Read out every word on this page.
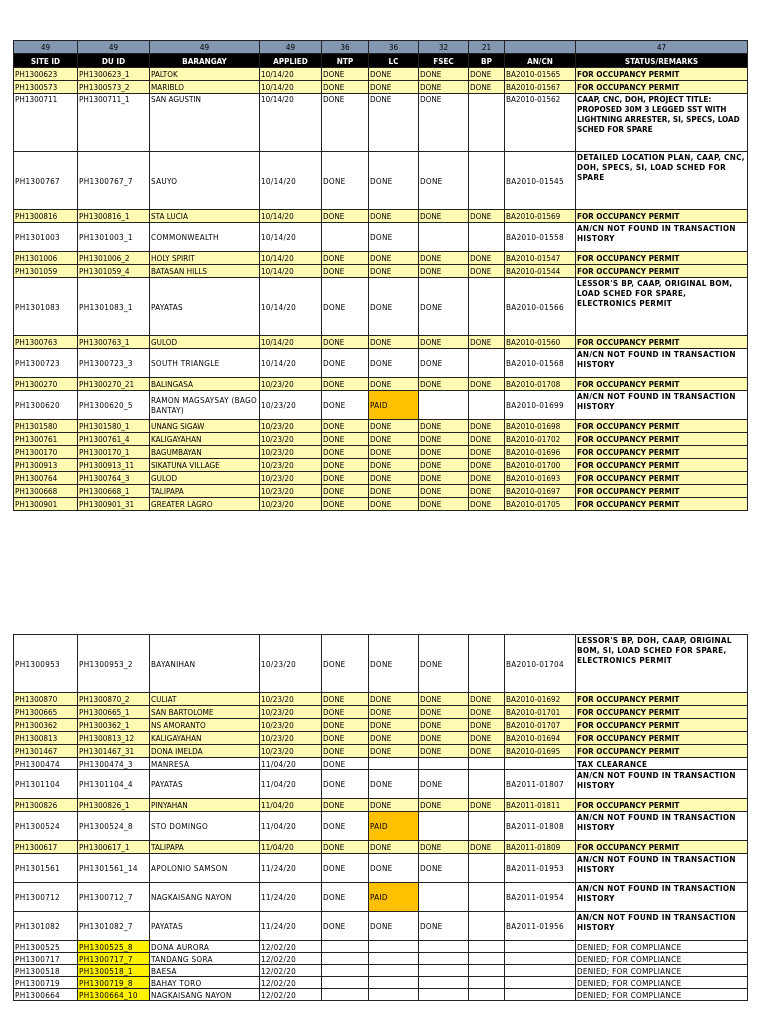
49	49	49	49	36	36	32	21		47
SITE ID	DU ID	BARANGAY	APPLIED	NTP	LC	FSEC	BP	AN/CN	STATUS/REMARKS
PH1300623	PH1300623_1	PALTOK	10/14/20	DONE	DONE	DONE	DONE	BA2010-01565	FOR OCCUPANCY PERMIT
PH1300573	PH1300573_2	MARIBLO	10/14/20	DONE	DONE	DONE	DONE	BA2010-01567	FOR OCCUPANCY PERMIT
PH1300711	PH1300711_1	SAN AGUSTIN	10/14/20	DONE	DONE	DONE		BA2010-01562	CAAP, CNC, DOH, PROJECT TITLE: PROPOSED 30M 3 LEGGED SST WITH LIGHTNING ARRESTER, SI, SPECS, LOAD SCHED FOR SPARE
PH1300767	PH1300767_7	SAUYO	10/14/20	DONE	DONE	DONE		BA2010-01545	DETAILED LOCATION PLAN, CAAP, CNC, DOH, SPECS, SI, LOAD SCHED FOR SPARE
PH1300816	PH1300816_1	STA LUCIA	10/14/20	DONE	DONE	DONE	DONE	BA2010-01569	FOR OCCUPANCY PERMIT
PH1301003	PH1301003_1	COMMONWEALTH	10/14/20		DONE			BA2010-01558	AN/CN NOT FOUND IN TRANSACTION HISTORY
PH1301006	PH1301006_2	HOLY SPIRIT	10/14/20	DONE	DONE	DONE	DONE	BA2010-01547	FOR OCCUPANCY PERMIT
PH1301059	PH1301059_4	BATASAN HILLS	10/14/20	DONE	DONE	DONE	DONE	BA2010-01544	FOR OCCUPANCY PERMIT
PH1301083	PH1301083_1	PAYATAS	10/14/20	DONE	DONE	DONE		BA2010-01566	LESSOR'S BP, CAAP, ORIGINAL BOM, LOAD SCHED FOR SPARE, ELECTRONICS PERMIT
PH1300763	PH1300763_1	GULOD	10/14/20	DONE	DONE	DONE	DONE	BA2010-01560	FOR OCCUPANCY PERMIT
PH1300723	PH1300723_3	SOUTH TRIANGLE	10/14/20	DONE	DONE	DONE		BA2010-01568	AN/CN NOT FOUND IN TRANSACTION HISTORY
PH1300270	PH1300270_21	BALINGASA	10/23/20	DONE	DONE	DONE	DONE	BA2010-01708	FOR OCCUPANCY PERMIT
PH1300620	PH1300620_5	RAMON MAGSAYSAY (BAGO BANTAY)	10/23/20	DONE	PAID			BA2010-01699	AN/CN NOT FOUND IN TRANSACTION HISTORY
PH1301580	PH1301580_1	UNANG SIGAW	10/23/20	DONE	DONE	DONE	DONE	BA2010-01698	FOR OCCUPANCY PERMIT
PH1300761	PH1300761_4	KALIGAYAHAN	10/23/20	DONE	DONE	DONE	DONE	BA2010-01702	FOR OCCUPANCY PERMIT
PH1300170	PH1300170_1	BAGUMBAYAN	10/23/20	DONE	DONE	DONE	DONE	BA2010-01696	FOR OCCUPANCY PERMIT
PH1300913	PH1300913_11	SIKATUNA VILLAGE	10/23/20	DONE	DONE	DONE	DONE	BA2010-01700	FOR OCCUPANCY PERMIT
PH1300764	PH1300764_3	GULOD	10/23/20	DONE	DONE	DONE	DONE	BA2010-01693	FOR OCCUPANCY PERMIT
PH1300668	PH1300668_1	TALIPAPA	10/23/20	DONE	DONE	DONE	DONE	BA2010-01697	FOR OCCUPANCY PERMIT
PH1300901	PH1300901_31	GREATER LAGRO	10/23/20	DONE	DONE	DONE	DONE	BA2010-01705	FOR OCCUPANCY PERMIT
PH1300953	PH1300953_2	BAYANIHAN	10/23/20	DONE	DONE	DONE		BA2010-01704	LESSOR'S BP, DOH, CAAP, ORIGINAL BOM, SI, LOAD SCHED FOR SPARE, ELECTRONICS PERMIT
PH1300870	PH1300870_2	CULIAT	10/23/20	DONE	DONE	DONE	DONE	BA2010-01692	FOR OCCUPANCY PERMIT
PH1300665	PH1300665_1	SAN BARTOLOME	10/23/20	DONE	DONE	DONE	DONE	BA2010-01701	FOR OCCUPANCY PERMIT
PH1300362	PH1300362_1	NS AMORANTO	10/23/20	DONE	DONE	DONE	DONE	BA2010-01707	FOR OCCUPANCY PERMIT
PH1300813	PH1300813_12	KALIGAYAHAN	10/23/20	DONE	DONE	DONE	DONE	BA2010-01694	FOR OCCUPANCY PERMIT
PH1301467	PH1301467_31	DONA IMELDA	10/23/20	DONE	DONE	DONE	DONE	BA2010-01695	FOR OCCUPANCY PERMIT
PH1300474	PH1300474_3	MANRESA	11/04/20	DONE					TAX CLEARANCE
PH1301104	PH1301104_4	PAYATAS	11/04/20	DONE	DONE	DONE		BA2011-01807	AN/CN NOT FOUND IN TRANSACTION HISTORY
PH1300826	PH1300826_1	PINYAHAN	11/04/20	DONE	DONE	DONE	DONE	BA2011-01811	FOR OCCUPANCY PERMIT
PH1300524	PH1300524_8	STO DOMINGO	11/04/20	DONE	PAID			BA2011-01808	AN/CN NOT FOUND IN TRANSACTION HISTORY
PH1300617	PH1300617_1	TALIPAPA	11/04/20	DONE	DONE	DONE	DONE	BA2011-01809	FOR OCCUPANCY PERMIT
PH1301561	PH1301561_14	APOLONIO SAMSON	11/24/20	DONE	DONE	DONE		BA2011-01953	AN/CN NOT FOUND IN TRANSACTION HISTORY
PH1300712	PH1300712_7	NAGKAISANG NAYON	11/24/20	DONE	PAID			BA2011-01954	AN/CN NOT FOUND IN TRANSACTION HISTORY
PH1301082	PH1301082_7	PAYATAS	11/24/20	DONE	DONE	DONE		BA2011-01956	AN/CN NOT FOUND IN TRANSACTION HISTORY
PH1300525	PH1300525_8	DONA AURORA	12/02/20						DENIED; FOR COMPLIANCE
PH1300717	PH1300717_7	TANDANG SORA	12/02/20						DENIED; FOR COMPLIANCE
PH1300518	PH1300518_1	BAESA	12/02/20						DENIED; FOR COMPLIANCE
PH1300719	PH1300719_8	BAHAY TORO	12/02/20						DENIED; FOR COMPLIANCE
PH1300664	PH1300664_10	NAGKAISANG NAYON	12/02/20						DENIED; FOR COMPLIANCE
